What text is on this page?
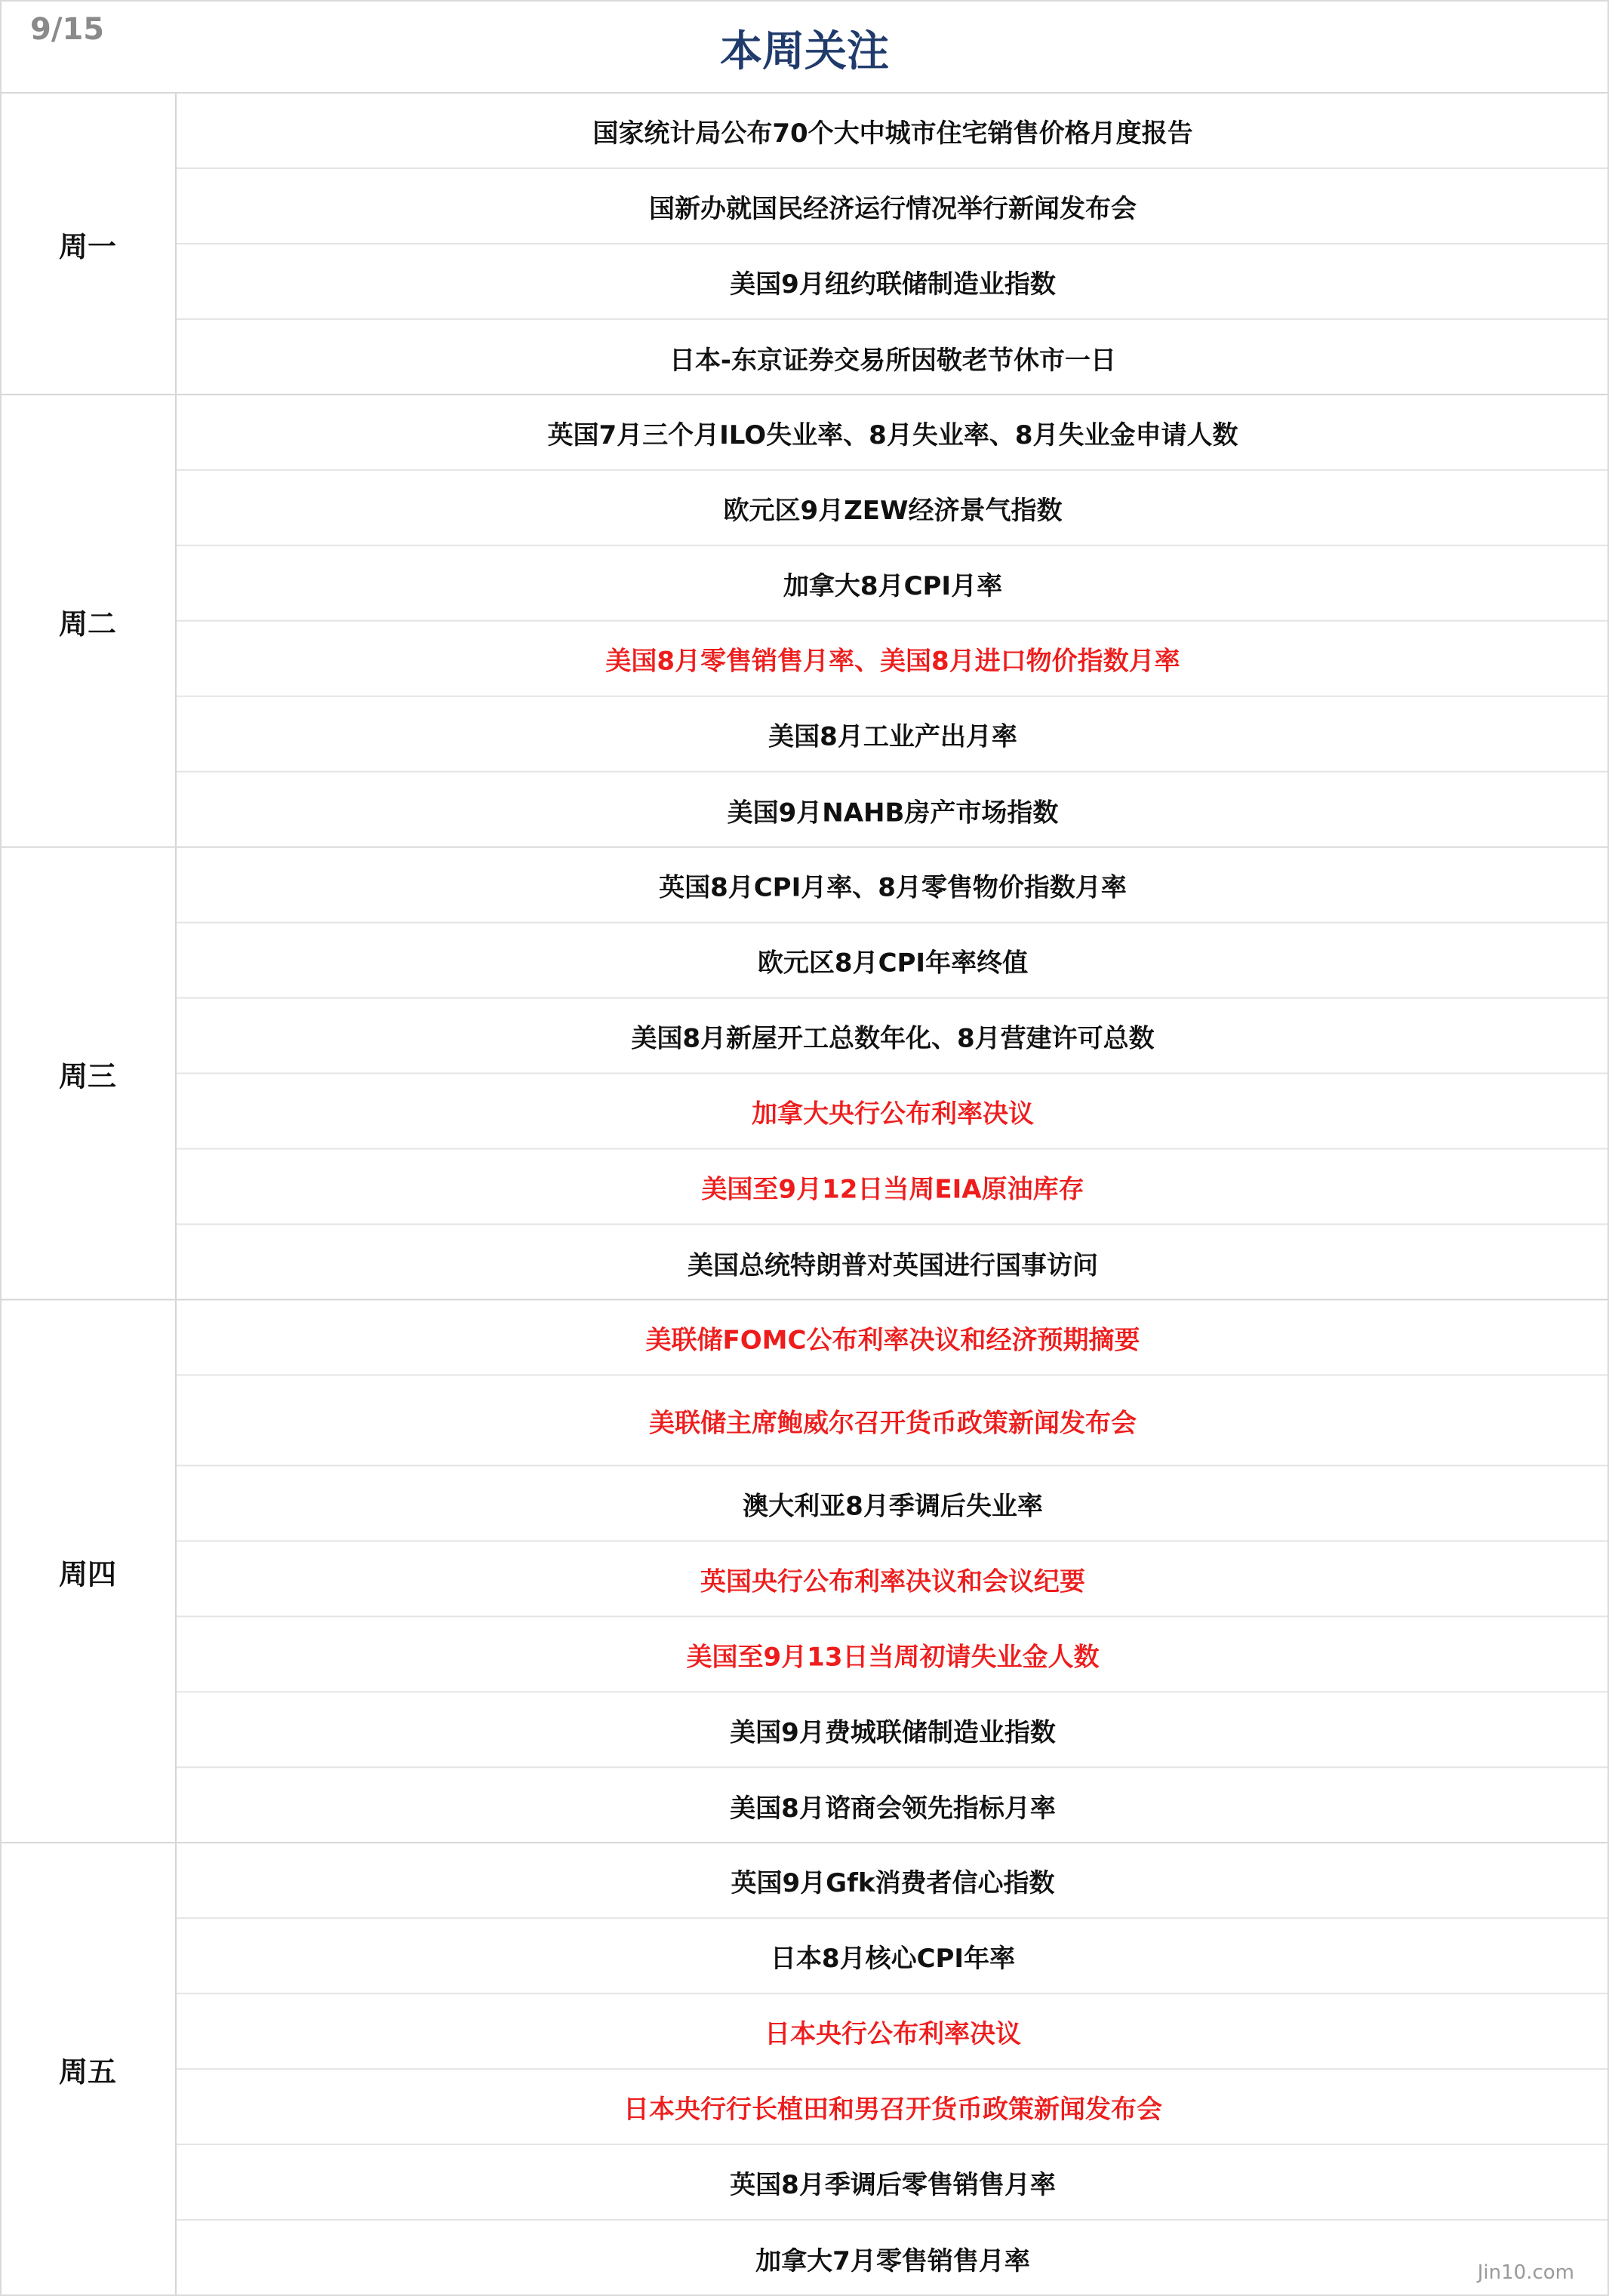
9/15	本周关注
周一
国家统计局公布70个大中城市住宅销售价格月度报告
国新办就国民经济运行情况举行新闻发布会
美国9月纽约联储制造业指数
日本-东京证券交易所因敬老节休市一日
周二
英国7月三个月ILO失业率、8月失业率、8月失业金申请人数
欧元区9月ZEW经济景气指数
加拿大8月CPI月率
美国8月零售销售月率、美国8月进口物价指数月率
美国8月工业产出月率
美国9月NAHB房产市场指数
周三
英国8月CPI月率、8月零售物价指数月率
欧元区8月CPI年率终值
美国8月新屋开工总数年化、8月营建许可总数
加拿大央行公布利率决议
美国至9月12日当周EIA原油库存
美国总统特朗普对英国进行国事访问
周四
美联储FOMC公布利率决议和经济预期摘要
美联储主席鲍威尔召开货币政策新闻发布会
澳大利亚8月季调后失业率
英国央行公布利率决议和会议纪要
美国至9月13日当周初请失业金人数
美国9月费城联储制造业指数
美国8月谘商会领先指标月率
周五
英国9月Gfk消费者信心指数
日本8月核心CPI年率
日本央行公布利率决议
日本央行行长植田和男召开货币政策新闻发布会
英国8月季调后零售销售月率
加拿大7月零售销售月率	Jin10.com
